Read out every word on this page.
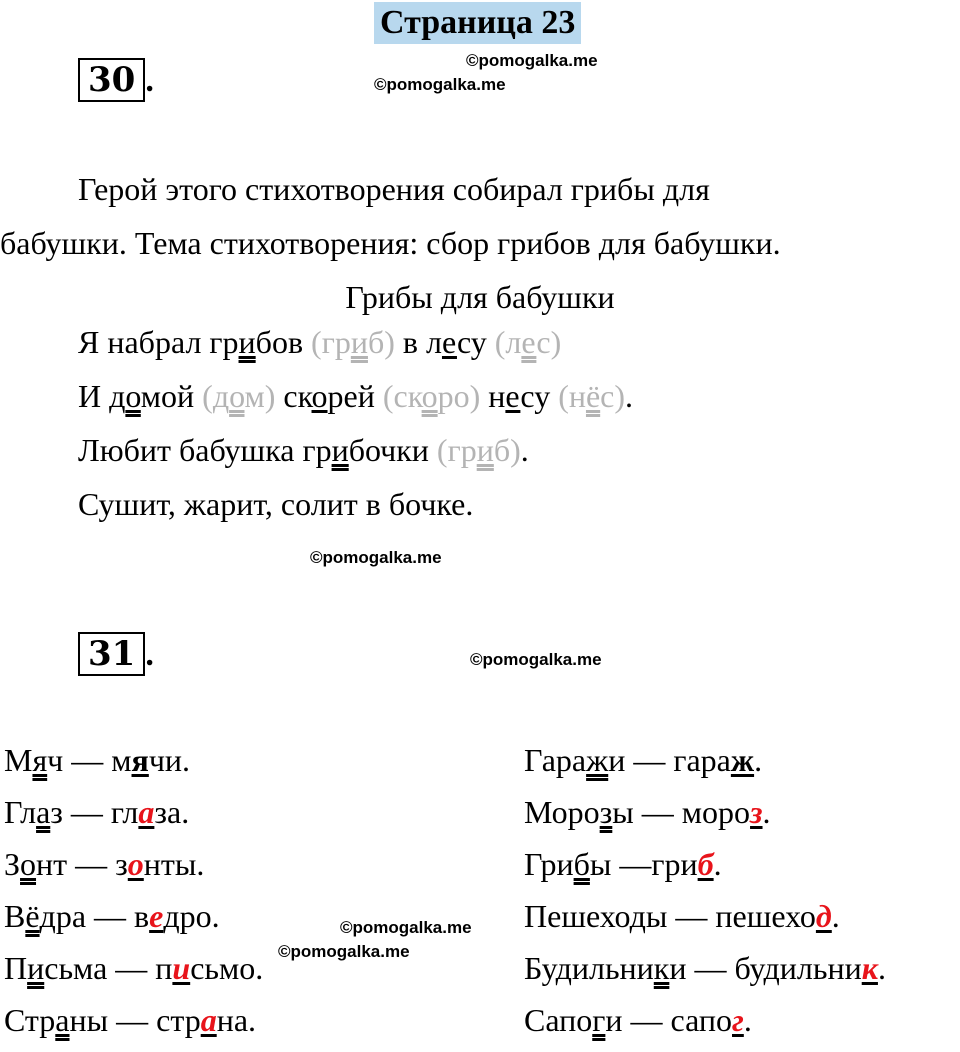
Страница 23
©pomogalka.me
©pomogalka.me
©pomogalka.me
©pomogalka.me
©pomogalka.me
©pomogalka.me
30 .
Герой этого стихотворения собирал грибы для
бабушки. Тема стихотворения: сбор грибов для бабушки.
Грибы для бабушки
Я набрал грибов (гриб) в лесу (лес)
И домой (дом) скорей (скоро) несу (нёс).
Любит бабушка грибочки (гриб).
Сушит, жарит, солит в бочке.
31 .
Мяч — мячи.
Глаз — глаза.
Зонт — зонты.
Вёдра — ведро.
Письма — письмо.
Страны — страна.
Гаражи — гараж.
Морозы — мороз.
Грибы —гриб.
Пешеходы — пешеход.
Будильники — будильник.
Сапоги — сапог.
